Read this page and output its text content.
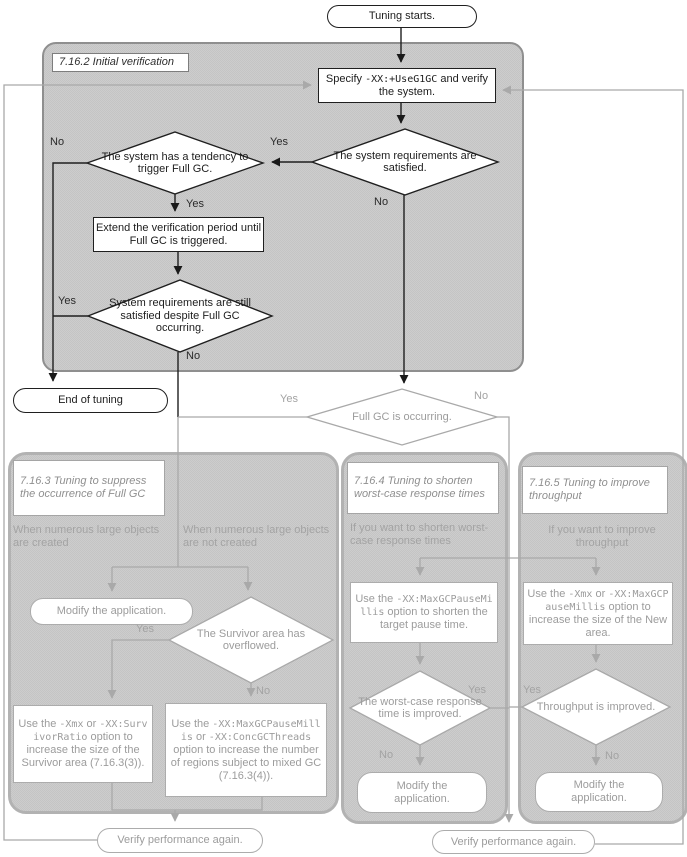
Tuning starts.
7.16.2 Initial verification
Specify -XX:+UseG1GC and verify the system.
The system requirements are satisfied.
The system has a tendency to trigger Full GC.
Extend the verification period until Full GC is triggered.
System requirements are still satisfied despite Full GC occurring.
End of tuning
Full GC is occurring.
7.16.3 Tuning to suppress the occurrence of Full GC
When numerous large objects are created
When numerous large objects are not created
Modify the application.
The Survivor area has overflowed.
Use the -Xmx or -XX:SurvivorRatio option to increase the size of the Survivor area (7.16.3(3)).
Use the -XX:MaxGCPauseMillis or -XX:ConcGCThreads option to increase the number of regions subject to mixed GC (7.16.3(4)).
Verify performance again.
7.16.4 Tuning to shorten worst-case response times
If you want to shorten worst-case response times
Use the -XX:MaxGCPauseMillis option to shorten the target pause time.
The worst-case response time is improved.
Modify the application.
7.16.5 Tuning to improve throughput
If you want to improve throughput
Use the -Xmx or -XX:MaxGCPauseMillis option to increase the size of the New area.
Throughput is improved.
Modify the application.
Verify performance again.
Yes
No
No
Yes
Yes
No
Yes	No
Yes
No	Yes
No
Yes
No
